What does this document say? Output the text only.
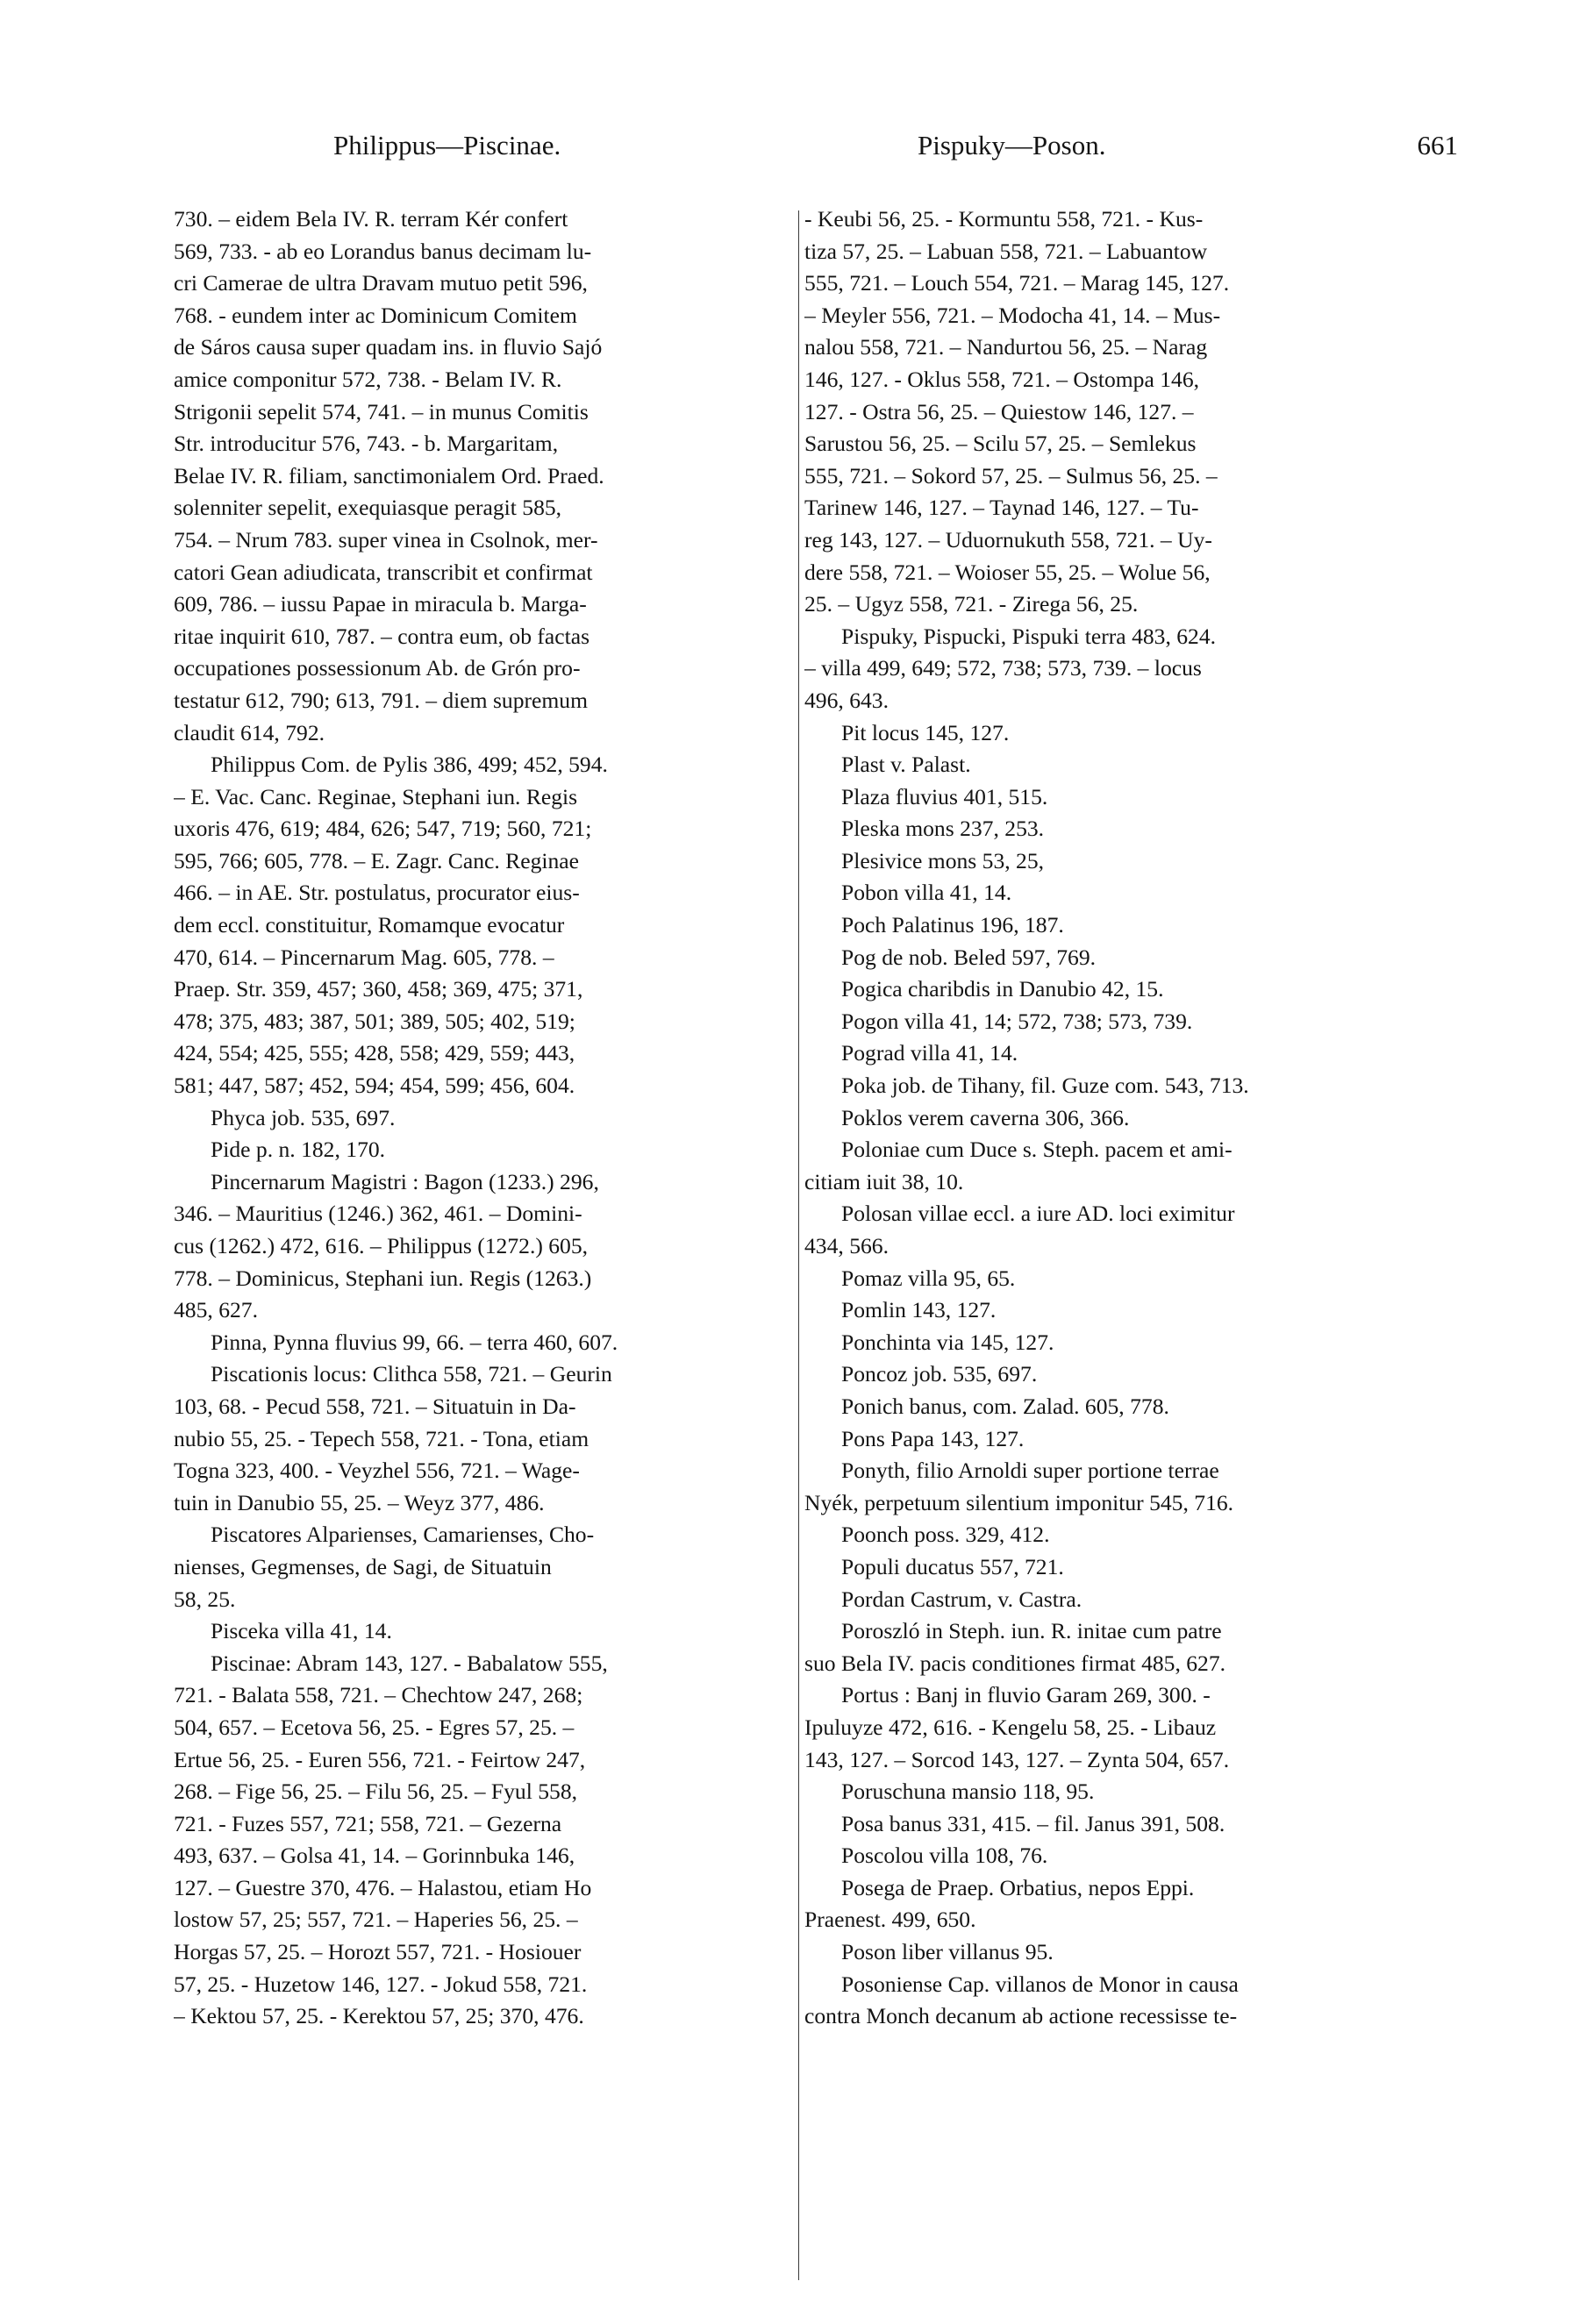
Philippus—Piscinae.	Pispuky—Poson.	661
730. – eidem Bela IV. R. terram Kér confert
569, 733. - ab eo Lorandus banus decimam lu-
cri Camerae de ultra Dravam mutuo petit 596,
768. - eundem inter ac Dominicum Comitem
de Sáros causa super quadam ins. in fluvio Sajó
amice componitur 572, 738. - Belam IV. R.
Strigonii sepelit 574, 741. – in munus Comitis
Str. introducitur 576, 743. - b. Margaritam,
Belae IV. R. filiam, sanctimonialem Ord. Praed.
solenniter sepelit, exequiasque peragit 585,
754. – Nrum 783. super vinea in Csolnok, mer-
catori Gean adiudicata, transcribit et confirmat
609, 786. – iussu Papae in miracula b. Marga-
ritae inquirit 610, 787. – contra eum, ob factas
occupationes possessionum Ab. de Grón pro-
testatur 612, 790; 613, 791. – diem supremum
claudit 614, 792.
Philippus Com. de Pylis 386, 499; 452, 594.
– E. Vac. Canc. Reginae, Stephani iun. Regis
uxoris 476, 619; 484, 626; 547, 719; 560, 721;
595, 766; 605, 778. – E. Zagr. Canc. Reginae
466. – in AE. Str. postulatus, procurator eius-
dem eccl. constituitur, Romamque evocatur
470, 614. – Pincernarum Mag. 605, 778. –
Praep. Str. 359, 457; 360, 458; 369, 475; 371,
478; 375, 483; 387, 501; 389, 505; 402, 519;
424, 554; 425, 555; 428, 558; 429, 559; 443,
581; 447, 587; 452, 594; 454, 599; 456, 604.
Phyca job. 535, 697.
Pide p. n. 182, 170.
Pincernarum Magistri : Bagon (1233.) 296,
346. – Mauritius (1246.) 362, 461. – Domini-
cus (1262.) 472, 616. – Philippus (1272.) 605,
778. – Dominicus, Stephani iun. Regis (1263.)
485, 627.
Pinna, Pynna fluvius 99, 66. – terra 460, 607.
Piscationis locus: Clithca 558, 721. – Geurin
103, 68. - Pecud 558, 721. – Situatuin in Da-
nubio 55, 25. - Tepech 558, 721. - Tona, etiam
Togna 323, 400. - Veyzhel 556, 721. – Wage-
tuin in Danubio 55, 25. – Weyz 377, 486.
Piscatores Alparienses, Camarienses, Cho-
nienses, Gegmenses, de Sagi, de Situatuin
58, 25.
Pisceka villa 41, 14.
Piscinae: Abram 143, 127. - Babalatow 555,
721. - Balata 558, 721. – Chechtow 247, 268;
504, 657. – Ecetova 56, 25. - Egres 57, 25. –
Ertue 56, 25. - Euren 556, 721. - Feirtow 247,
268. – Fige 56, 25. – Filu 56, 25. – Fyul 558,
721. - Fuzes 557, 721; 558, 721. – Gezerna
493, 637. – Golsa 41, 14. – Gorinnbuka 146,
127. – Guestre 370, 476. – Halastou, etiam Ho
lostow 57, 25; 557, 721. – Haperies 56, 25. –
Horgas 57, 25. – Horozt 557, 721. - Hosiouer
57, 25. - Huzetow 146, 127. - Jokud 558, 721.
– Kektou 57, 25. - Kerektou 57, 25; 370, 476.
- Keubi 56, 25. - Kormuntu 558, 721. - Kus-
tiza 57, 25. – Labuan 558, 721. – Labuantow
555, 721. – Louch 554, 721. – Marag 145, 127.
– Meyler 556, 721. – Modocha 41, 14. – Mus-
nalou 558, 721. – Nandurtou 56, 25. – Narag
146, 127. - Oklus 558, 721. – Ostompa 146,
127. - Ostra 56, 25. – Quiestow 146, 127. –
Sarustou 56, 25. – Scilu 57, 25. – Semlekus
555, 721. – Sokord 57, 25. – Sulmus 56, 25. –
Tarinew 146, 127. – Taynad 146, 127. – Tu-
reg 143, 127. – Uduornukuth 558, 721. – Uy-
dere 558, 721. – Woioser 55, 25. – Wolue 56,
25. – Ugyz 558, 721. - Zirega 56, 25.
Pispuky, Pispucki, Pispuki terra 483, 624.
– villa 499, 649; 572, 738; 573, 739. – locus
496, 643.
Pit locus 145, 127.
Plast v. Palast.
Plaza fluvius 401, 515.
Pleska mons 237, 253.
Plesivice mons 53, 25,
Pobon villa 41, 14.
Poch Palatinus 196, 187.
Pog de nob. Beled 597, 769.
Pogica charibdis in Danubio 42, 15.
Pogon villa 41, 14; 572, 738; 573, 739.
Pograd villa 41, 14.
Poka job. de Tihany, fil. Guze com. 543, 713.
Poklos verem caverna 306, 366.
Poloniae cum Duce s. Steph. pacem et ami-
citiam iuit 38, 10.
Polosan villae eccl. a iure AD. loci eximitur
434, 566.
Pomaz villa 95, 65.
Pomlin 143, 127.
Ponchinta via 145, 127.
Poncoz job. 535, 697.
Ponich banus, com. Zalad. 605, 778.
Pons Papa 143, 127.
Ponyth, filio Arnoldi super portione terrae
Nyék, perpetuum silentium imponitur 545, 716.
Poonch poss. 329, 412.
Populi ducatus 557, 721.
Pordan Castrum, v. Castra.
Poroszló in Steph. iun. R. initae cum patre
suo Bela IV. pacis conditiones firmat 485, 627.
Portus : Banj in fluvio Garam 269, 300. -
Ipuluyze 472, 616. - Kengelu 58, 25. - Libauz
143, 127. – Sorcod 143, 127. – Zynta 504, 657.
Poruschuna mansio 118, 95.
Posa banus 331, 415. – fil. Janus 391, 508.
Poscolou villa 108, 76.
Posega de Praep. Orbatius, nepos Eppi.
Praenest. 499, 650.
Poson liber villanus 95.
Posoniense Cap. villanos de Monor in causa
contra Monch decanum ab actione recessisse te-
